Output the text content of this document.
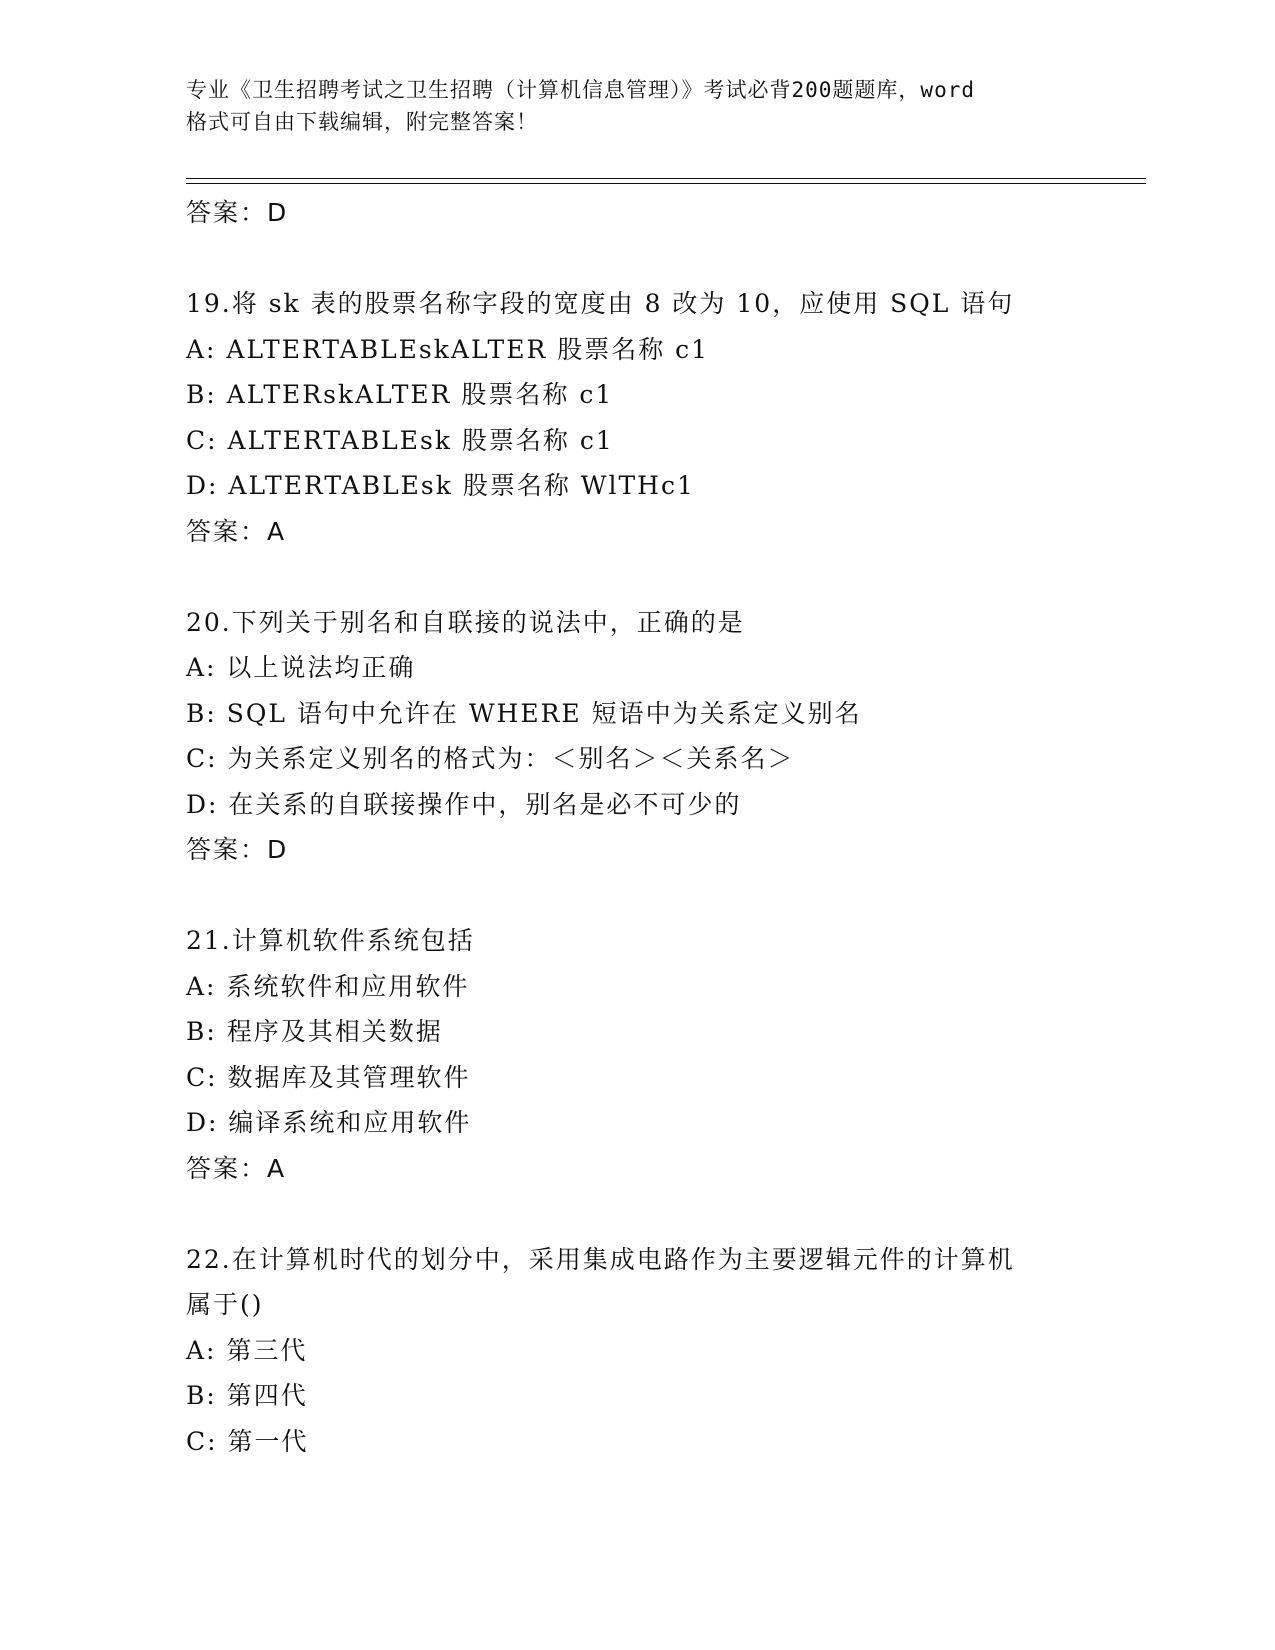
专业《卫生招聘考试之卫生招聘（计算机信息管理）》考试必背200题题库，word
格式可自由下载编辑，附完整答案！
答案：D
19.将 sk 表的股票名称字段的宽度由 8 改为 10，应使用 SQL 语句
A: ALTERTABLEskALTER 股票名称 c1
B: ALTERskALTER 股票名称 c1
C: ALTERTABLEsk 股票名称 c1
D: ALTERTABLEsk 股票名称 WlTHc1
答案：A
20.下列关于别名和自联接的说法中，正确的是
A: 以上说法均正确
B: SQL 语句中允许在 WHERE 短语中为关系定义别名
C: 为关系定义别名的格式为：＜别名＞＜关系名＞
D: 在关系的自联接操作中，别名是必不可少的
答案：D
21.计算机软件系统包括
A: 系统软件和应用软件
B: 程序及其相关数据
C: 数据库及其管理软件
D: 编译系统和应用软件
答案：A
22.在计算机时代的划分中，采用集成电路作为主要逻辑元件的计算机
属于()
A: 第三代
B: 第四代
C: 第一代
